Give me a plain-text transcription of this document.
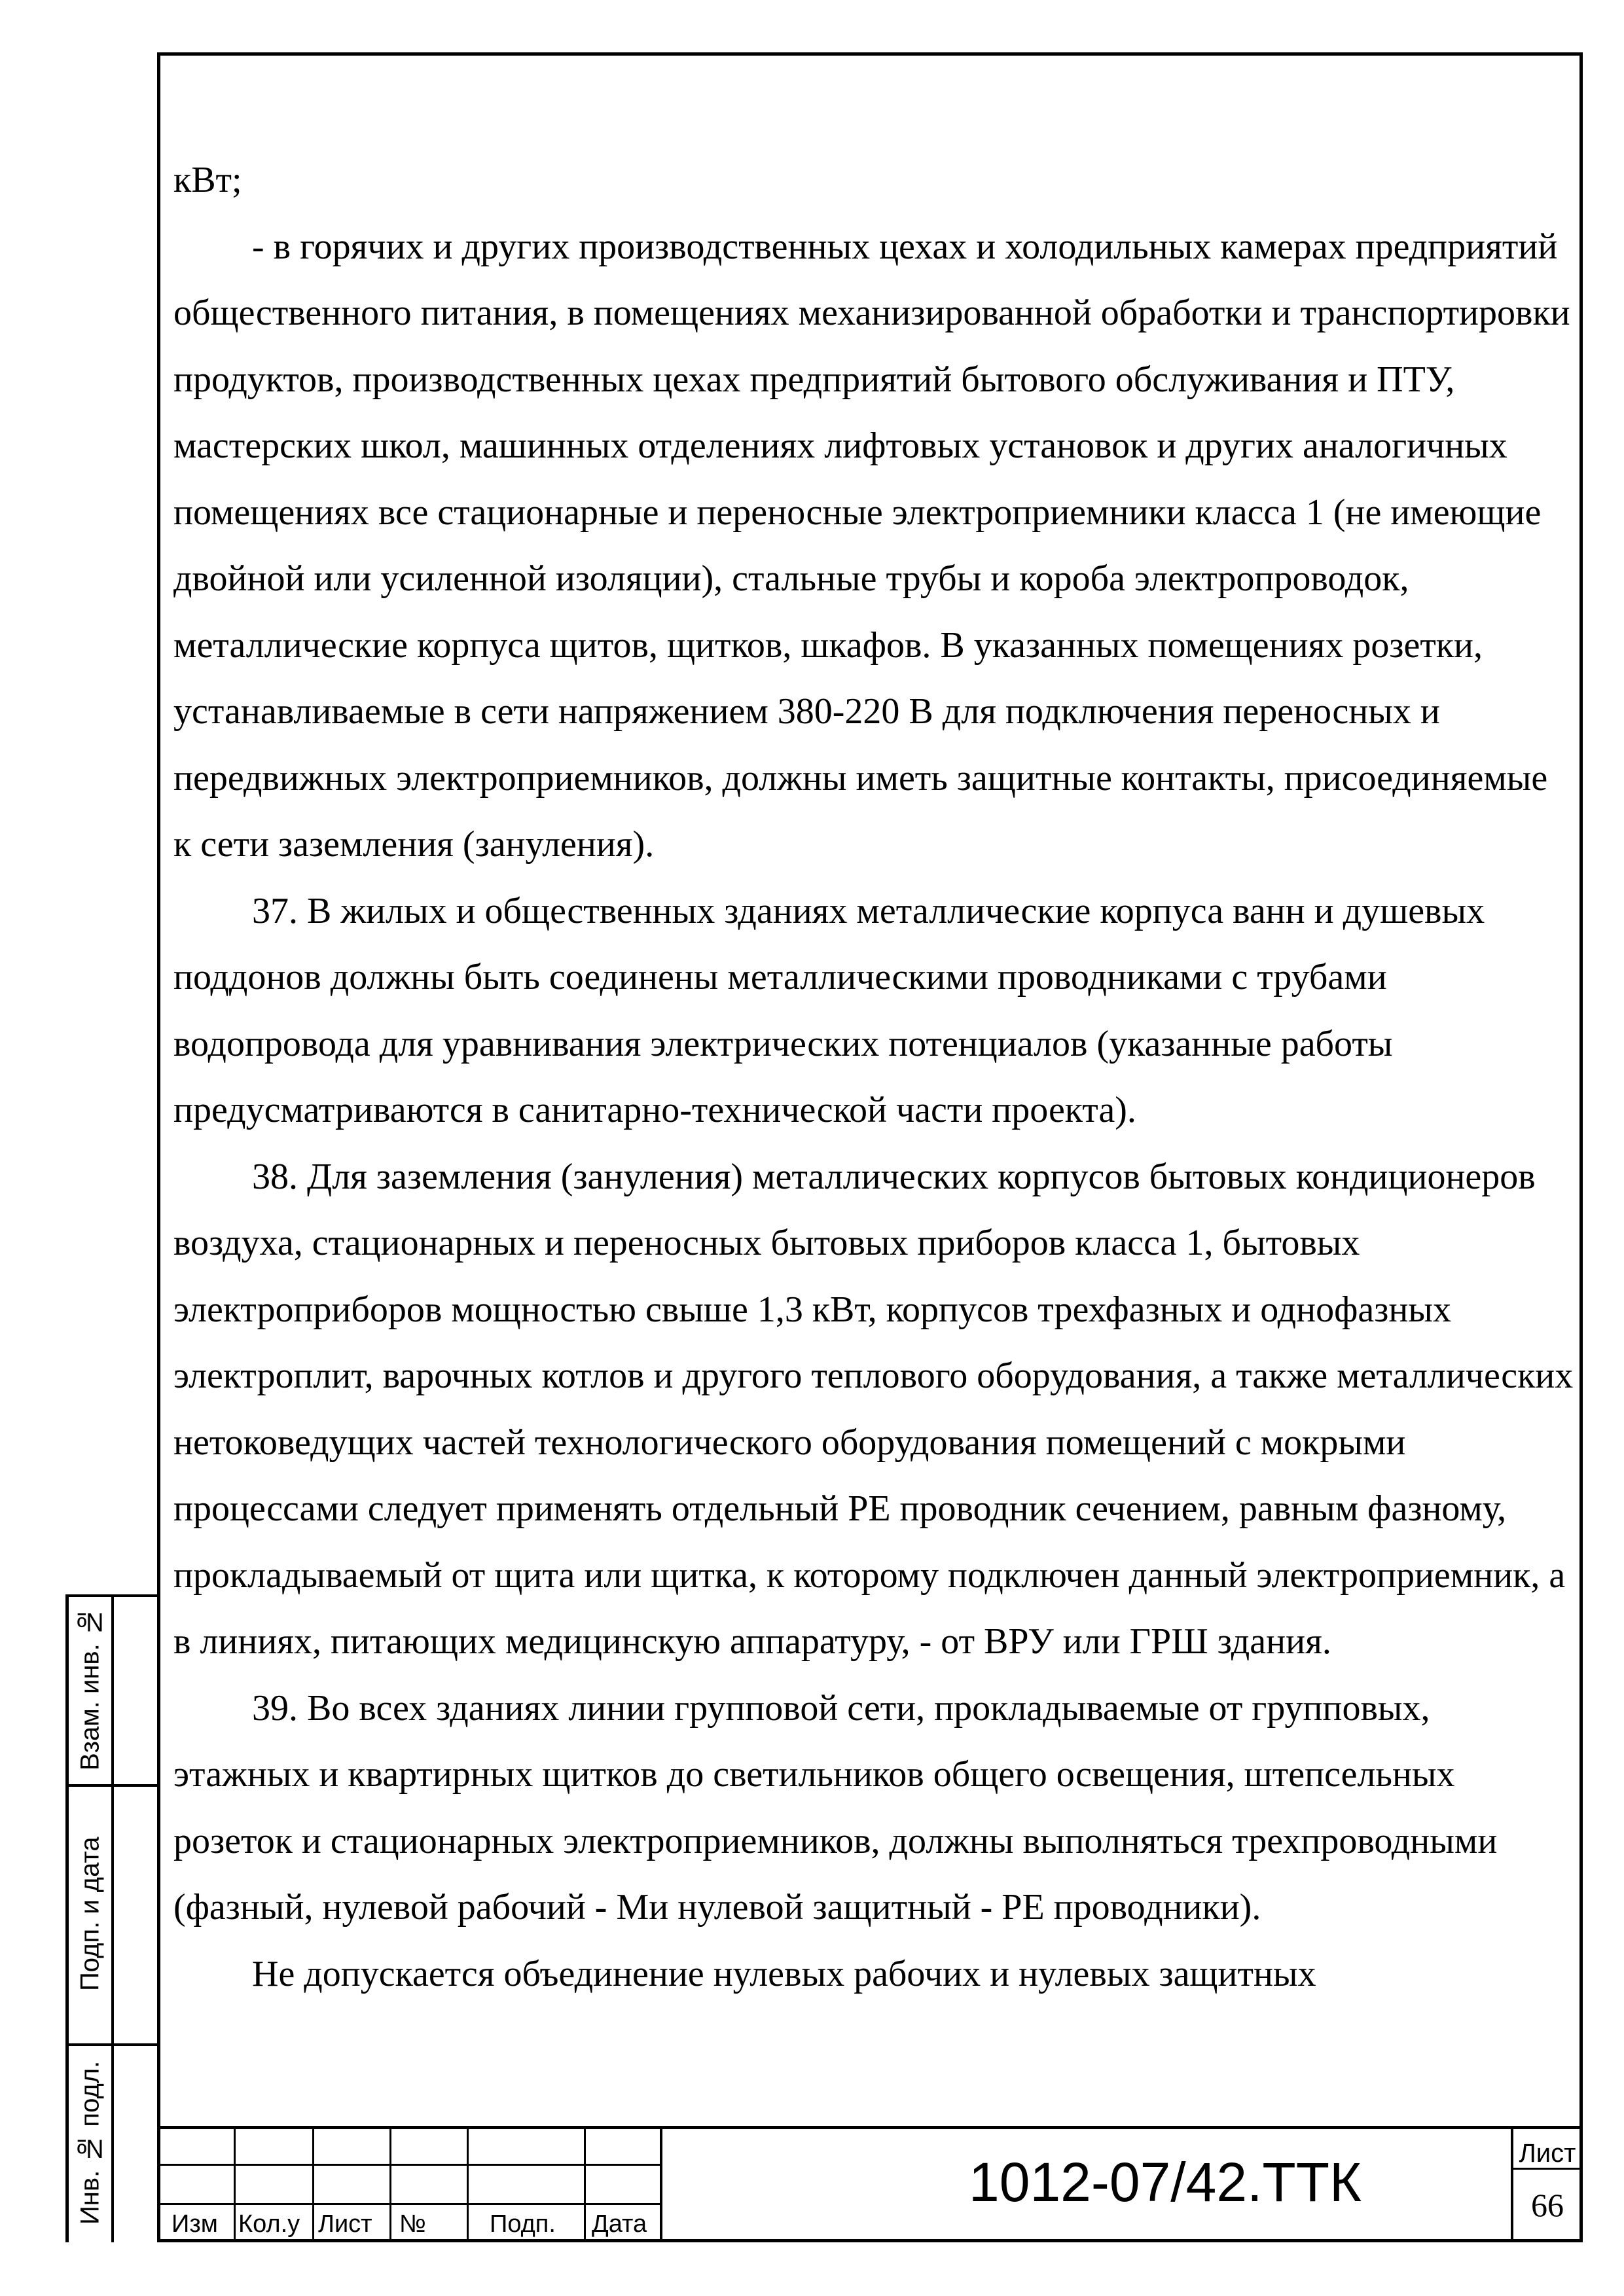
кВт;

- в горячих и других производственных цехах и холодильных камерах предприятий общественного питания, в помещениях механизированной обработки и транспортировки продуктов, производственных цехах предприятий бытового обслуживания и ПТУ, мастерских школ, машинных отделениях лифтовых установок и других аналогичных помещениях все стационарные и переносные электроприемники класса 1 (не имеющие двойной или усиленной изоляции), стальные трубы и короба электропроводок, металлические корпуса щитов, щитков, шкафов. В указанных помещениях розетки, устанавливаемые в сети напряжением 380-220 В для подключения переносных и передвижных электроприемников, должны иметь защитные контакты, присоединяемые к сети заземления (зануления).

37. В жилых и общественных зданиях металлические корпуса ванн и душевых поддонов должны быть соединены металлическими проводниками с трубами водопровода для уравнивания электрических потенциалов (указанные работы предусматриваются в санитарно-технической части проекта).

38. Для заземления (зануления) металлических корпусов бытовых кондиционеров воздуха, стационарных и переносных бытовых приборов класса 1, бытовых электроприборов мощностью свыше 1,3 кВт, корпусов трехфазных и однофазных электроплит, варочных котлов и другого теплового оборудования, а также металлических нетоковедущих частей технологического оборудования помещений с мокрыми процессами следует применять отдельный PE проводник сечением, равным фазному, прокладываемый от щита или щитка, к которому подключен данный электроприемник, а в линиях, питающих медицинскую аппаратуру, - от ВРУ или ГРШ здания.

39. Во всех зданиях линии групповой сети, прокладываемые от групповых, этажных и квартирных щитков до светильников общего освещения, штепсельных розеток и стационарных электроприемников, должны выполняться трехпроводными (фазный, нулевой рабочий - Ми нулевой защитный - PE проводники).

Не допускается объединение нулевых рабочих и нулевых защитных

Взам. инв. №
Подп. и дата
Инв. № подл.	Изм Кол.у Лист №	Подп. Дата
1012-07/42.ТТК	Лист
66
